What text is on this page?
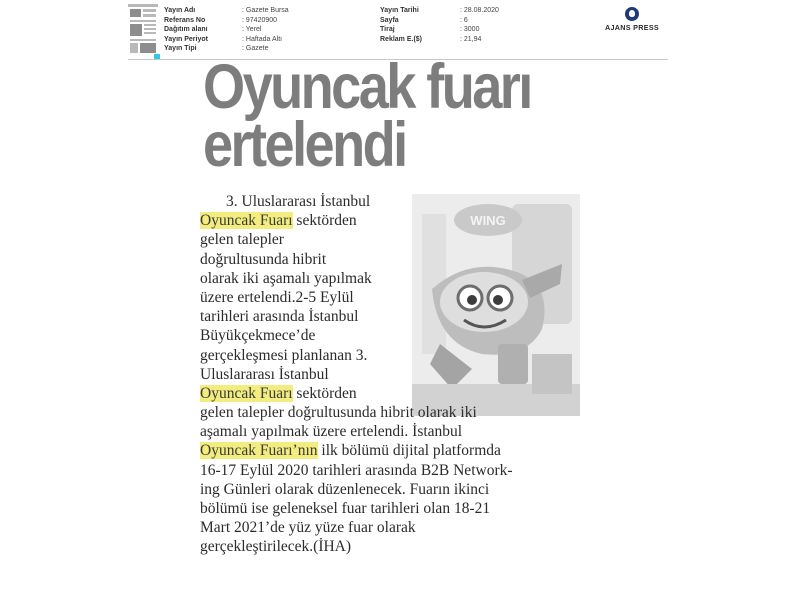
Yayın Adı	: Gazete Bursa
Referans No	: 97420900
Dağıtım alanı	: Yerel
Yayın Periyot	: Haftada Altı
Yayın Tipi	: Gazete
Yayın Tarihi	: 28.08.2020
Sayfa	: 6
Tiraj	: 3000
Reklam E.($)	: 21,94
AJANS PRESS
Oyuncak fuarı
ertelendi
WING
3. Uluslararası İstanbul
Oyuncak Fuarı sektörden
gelen talepler
doğrultusunda hibrit
olarak iki aşamalı yapılmak
üzere ertelendi.2-5 Eylül
tarihleri arasında İstanbul
Büyükçekmece’de
gerçekleşmesi planlanan 3.
Uluslararası İstanbul
Oyuncak Fuarı sektörden
gelen talepler doğrultusunda hibrit olarak iki
aşamalı yapılmak üzere ertelendi. İstanbul
Oyuncak Fuarı’nın ilk bölümü dijital platformda
16-17 Eylül 2020 tarihleri arasında B2B Network-
ing Günleri olarak düzenlenecek. Fuarın ikinci
bölümü ise geleneksel fuar tarihleri olan 18-21
Mart 2021’de yüz yüze fuar olarak
gerçekleştirilecek.(İHA)
